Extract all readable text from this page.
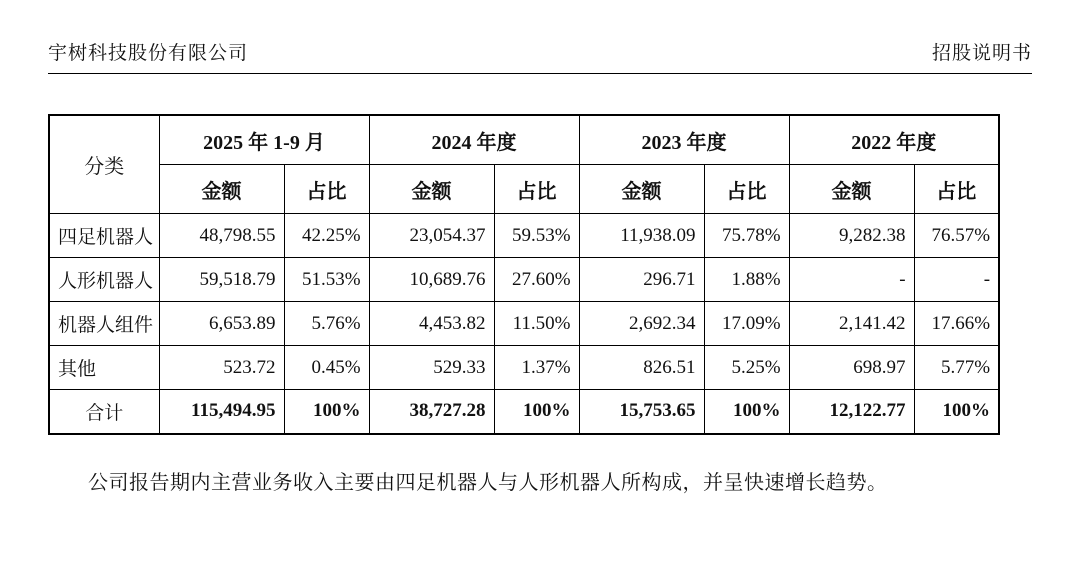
宇树科技股份有限公司	招股说明书
分类	2025 年 1-9 月		2024 年度		2023 年度		2022 年度	
	金额	占比	金额	占比	金额	占比	金额	占比
四足机器人	48,798.55	42.25%	23,054.37	59.53%	11,938.09	75.78%	9,282.38	76.57%
人形机器人	59,518.79	51.53%	10,689.76	27.60%	296.71	1.88%	-	-
机器人组件	6,653.89	5.76%	4,453.82	11.50%	2,692.34	17.09%	2,141.42	17.66%
其他	523.72	0.45%	529.33	1.37%	826.51	5.25%	698.97	5.77%
合计	115,494.95	100%	38,727.28	100%	15,753.65	100%	12,122.77	100%

公司报告期内主营业务收入主要由四足机器人与人形机器人所构成，并呈快速增长趋势。
